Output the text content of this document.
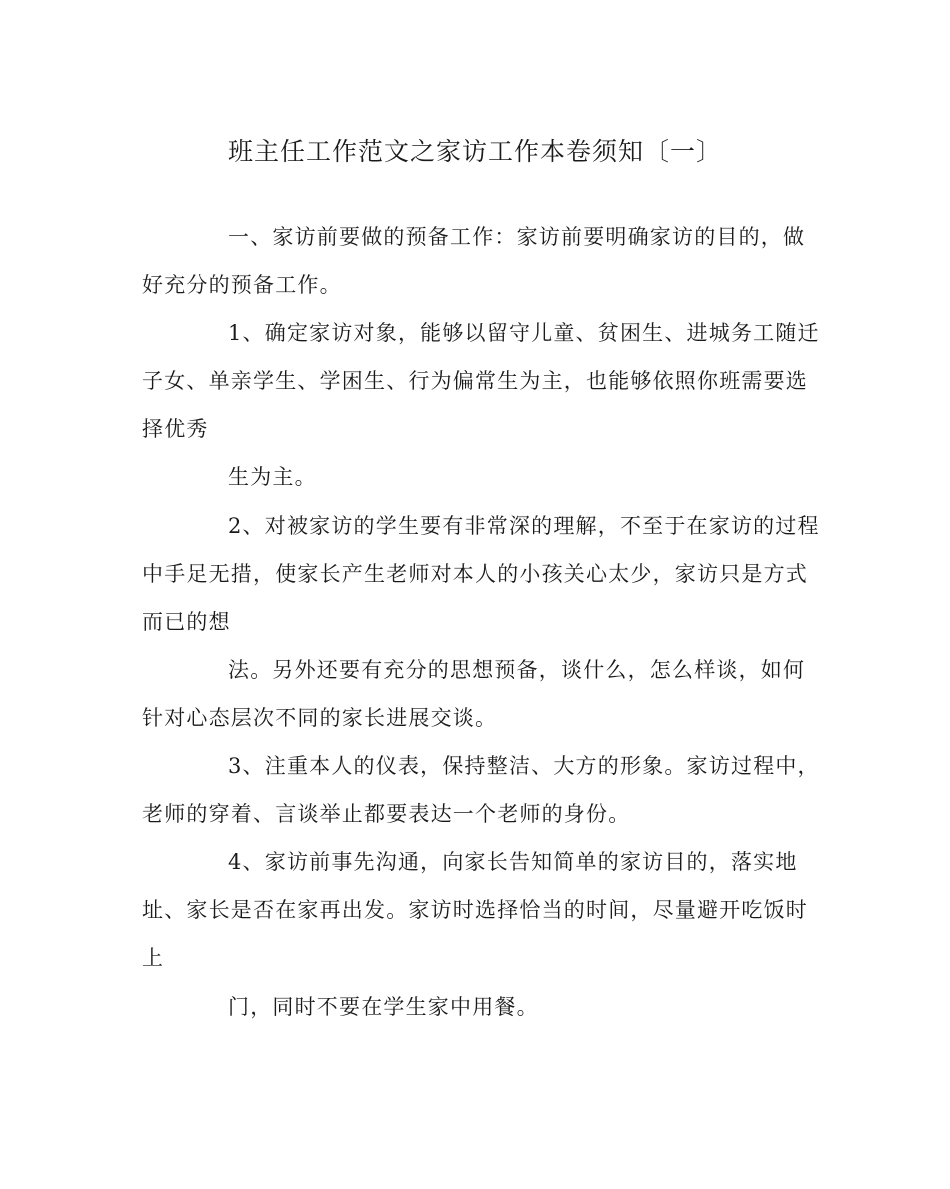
班主任工作范文之家访工作本卷须知〔一〕
一、家访前要做的预备工作：家访前要明确家访的目的，做
好充分的预备工作。
1、确定家访对象，能够以留守儿童、贫困生、进城务工随迁
子女、单亲学生、学困生、行为偏常生为主，也能够依照你班需要选
择优秀
生为主。
2、对被家访的学生要有非常深的理解，不至于在家访的过程
中手足无措，使家长产生老师对本人的小孩关心太少，家访只是方式
而已的想
法。另外还要有充分的思想预备，谈什么，怎么样谈，如何
针对心态层次不同的家长进展交谈。
3、注重本人的仪表，保持整洁、大方的形象。家访过程中，
老师的穿着、言谈举止都要表达一个老师的身份。
4、家访前事先沟通，向家长告知简单的家访目的，落实地
址、家长是否在家再出发。家访时选择恰当的时间，尽量避开吃饭时
上
门，同时不要在学生家中用餐。
